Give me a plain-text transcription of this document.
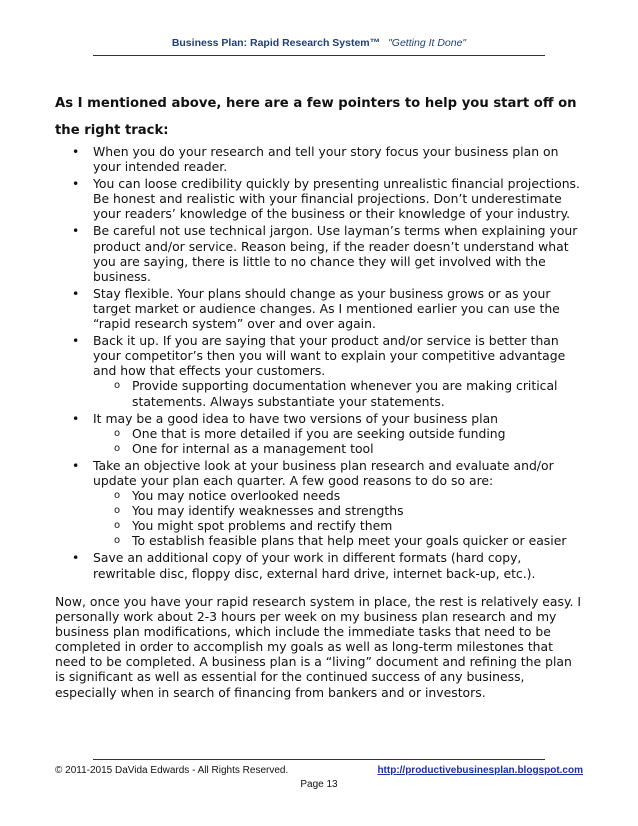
Business Plan: Rapid Research System™ "Getting It Done"
As I mentioned above, here are a few pointers to help you start off on the right track:
• When you do your research and tell your story focus your business plan on your intended reader.
• You can loose credibility quickly by presenting unrealistic financial projections. Be honest and realistic with your financial projections. Don’t underestimate your readers’ knowledge of the business or their knowledge of your industry.
• Be careful not use technical jargon. Use layman’s terms when explaining your product and/or service. Reason being, if the reader doesn’t understand what you are saying, there is little to no chance they will get involved with the business.
• Stay flexible. Your plans should change as your business grows or as your target market or audience changes. As I mentioned earlier you can use the “rapid research system” over and over again.
• Back it up. If you are saying that your product and/or service is better than your competitor’s then you will want to explain your competitive advantage and how that effects your customers.
o Provide supporting documentation whenever you are making critical statements. Always substantiate your statements.
• It may be a good idea to have two versions of your business plan
o One that is more detailed if you are seeking outside funding
o One for internal as a management tool
• Take an objective look at your business plan research and evaluate and/or update your plan each quarter. A few good reasons to do so are:
o You may notice overlooked needs
o You may identify weaknesses and strengths
o You might spot problems and rectify them
o To establish feasible plans that help meet your goals quicker or easier
• Save an additional copy of your work in different formats (hard copy, rewritable disc, floppy disc, external hard drive, internet back-up, etc.).

Now, once you have your rapid research system in place, the rest is relatively easy. I personally work about 2-3 hours per week on my business plan research and my business plan modifications, which include the immediate tasks that need to be completed in order to accomplish my goals as well as long-term milestones that need to be completed. A business plan is a “living” document and refining the plan is significant as well as essential for the continued success of any business, especially when in search of financing from bankers and or investors.

© 2011-2015 DaVida Edwards - All Rights Reserved.	http://productivebusinesplan.blogspot.com
Page 13
